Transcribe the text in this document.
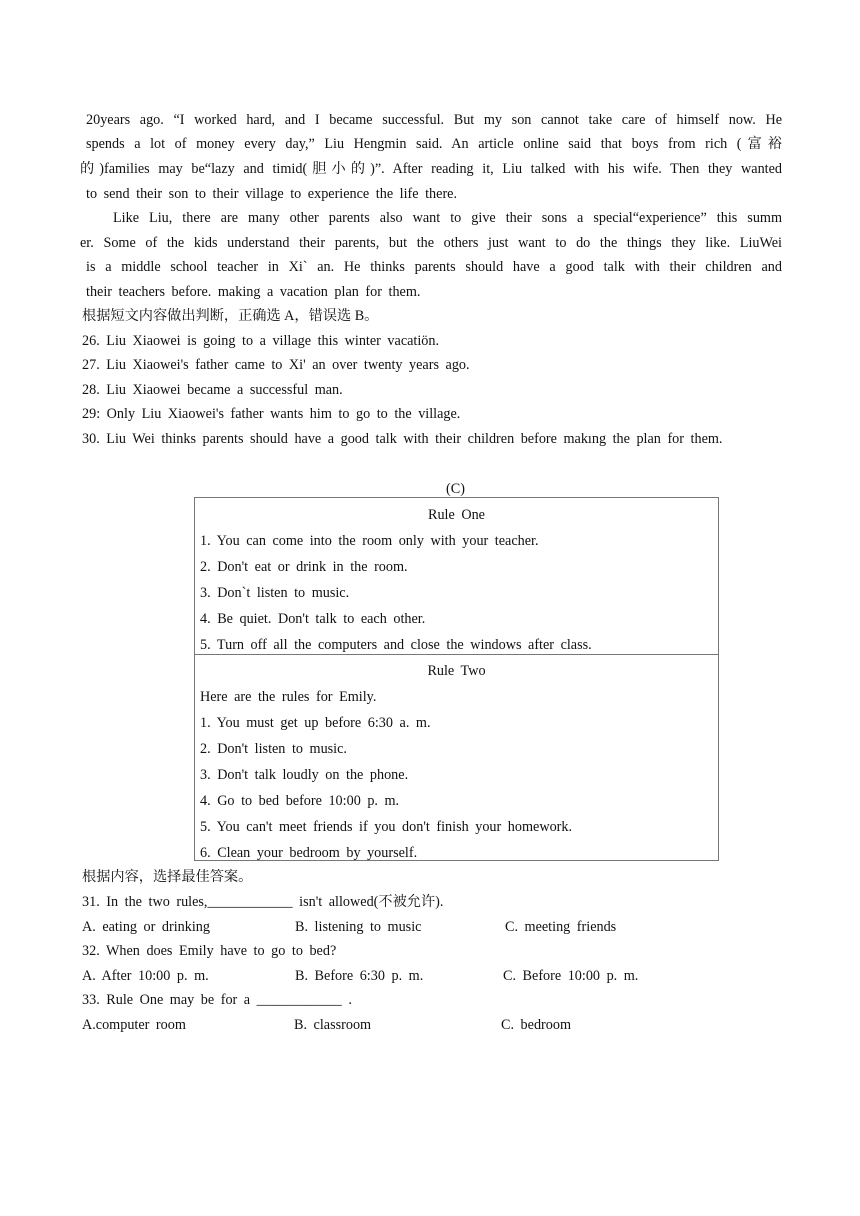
20years ago. “I worked hard, and I became successful. But my son cannot take care of himself now. He
spends a lot of money every day,” Liu Hengmin said. An article online said that boys from rich (富裕
的)families may be“lazy and timid(胆小的)”. After reading it, Liu talked with his wife. Then they wanted
to send their son to their village to experience the life there.
Like Liu, there are many other parents also want to give their sons a special“experience” this summ
er. Some of the kids understand their parents, but the others just want to do the things they like. LiuWei
is a middle school teacher in Xi` an. He thinks parents should have a good talk with their children and
their teachers before. making a vacation plan for them.
根据短文内容做出判断，正确选 A，错误选 B。
26. Liu Xiaowei is going to a village this winter vacatiön.
27. Liu Xiaowei's father came to Xi' an over twenty years ago.
28. Liu Xiaowei became a successful man.
29: Only Liu Xiaowei's father wants him to go to the village.
30. Liu Wei thinks parents should have a good talk with their children before makıng the plan for them.
(C)
Rule One
1. You can come into the room only with your teacher.
2. Don't eat or drink in the room.
3. Don`t listen to music.
4. Be quiet. Don't talk to each other.
5. Turn off all the computers and close the windows after class.
Rule Two
Here are the rules for Emily.
1. You must get up before 6:30 a. m.
2. Don't listen to music.
3. Don't talk loudly on the phone.
4. Go to bed before 10:00 p. m.
5. You can't meet friends if you don't finish your homework.
6. Clean your bedroom by yourself.
根据内容，选择最佳答案。
31. In the two rules,____________ isn't allowed(不被允许).
A. eating or drinking	B. listening to music	C. meeting friends
32. When does Emily have to go to bed?
A. After 10:00 p. m.	B. Before 6:30 p. m.	C. Before 10:00 p. m.
33. Rule One may be for a ____________ .
A.computer room	B. classroom	C. bedroom
